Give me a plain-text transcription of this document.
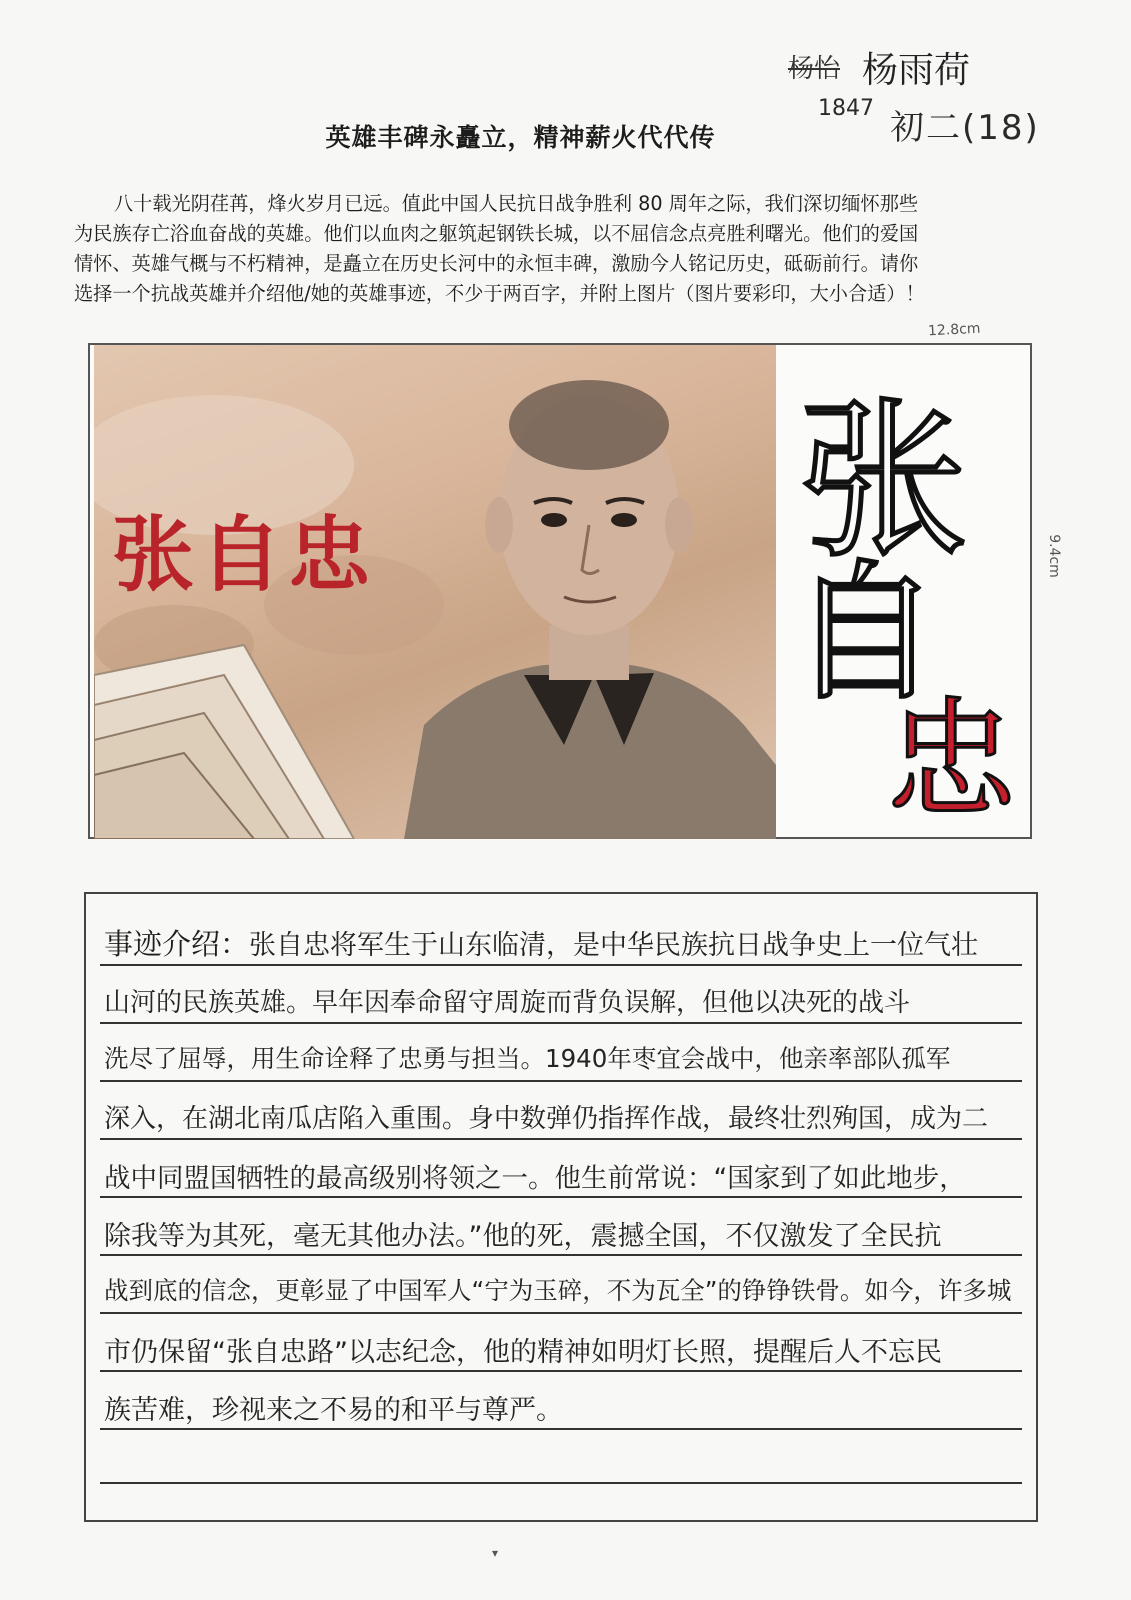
杨怡 杨雨荷
1847 初二(18)
英雄丰碑永矗立，精神薪火代代传
八十载光阴荏苒，烽火岁月已远。值此中国人民抗日战争胜利 80 周年之际，我们深切缅怀那些
为民族存亡浴血奋战的英雄。他们以血肉之躯筑起钢铁长城，以不屈信念点亮胜利曙光。他们的爱国
情怀、英雄气概与不朽精神，是矗立在历史长河中的永恒丰碑，激励今人铭记历史，砥砺前行。请你
选择一个抗战英雄并介绍他/她的英雄事迹，不少于两百字，并附上图片（图片要彩印，大小合适）！
12.8cm
9.4cm
张自忠 张
自
忠
事迹介绍：张自忠将军生于山东临清，是中华民族抗日战争史上一位气壮
山河的民族英雄。早年因奉命留守周旋而背负误解，但他以决死的战斗
洗尽了屈辱，用生命诠释了忠勇与担当。1940年枣宜会战中，他亲率部队孤军
深入，在湖北南瓜店陷入重围。身中数弹仍指挥作战，最终壮烈殉国，成为二
战中同盟国牺牲的最高级别将领之一。他生前常说：“国家到了如此地步，
除我等为其死，毫无其他办法。”他的死，震撼全国，不仅激发了全民抗
战到底的信念，更彰显了中国军人“宁为玉碎，不为瓦全”的铮铮铁骨。如今，许多城
市仍保留“张自忠路”以志纪念，他的精神如明灯长照，提醒后人不忘民
族苦难，珍视来之不易的和平与尊严。
▾
